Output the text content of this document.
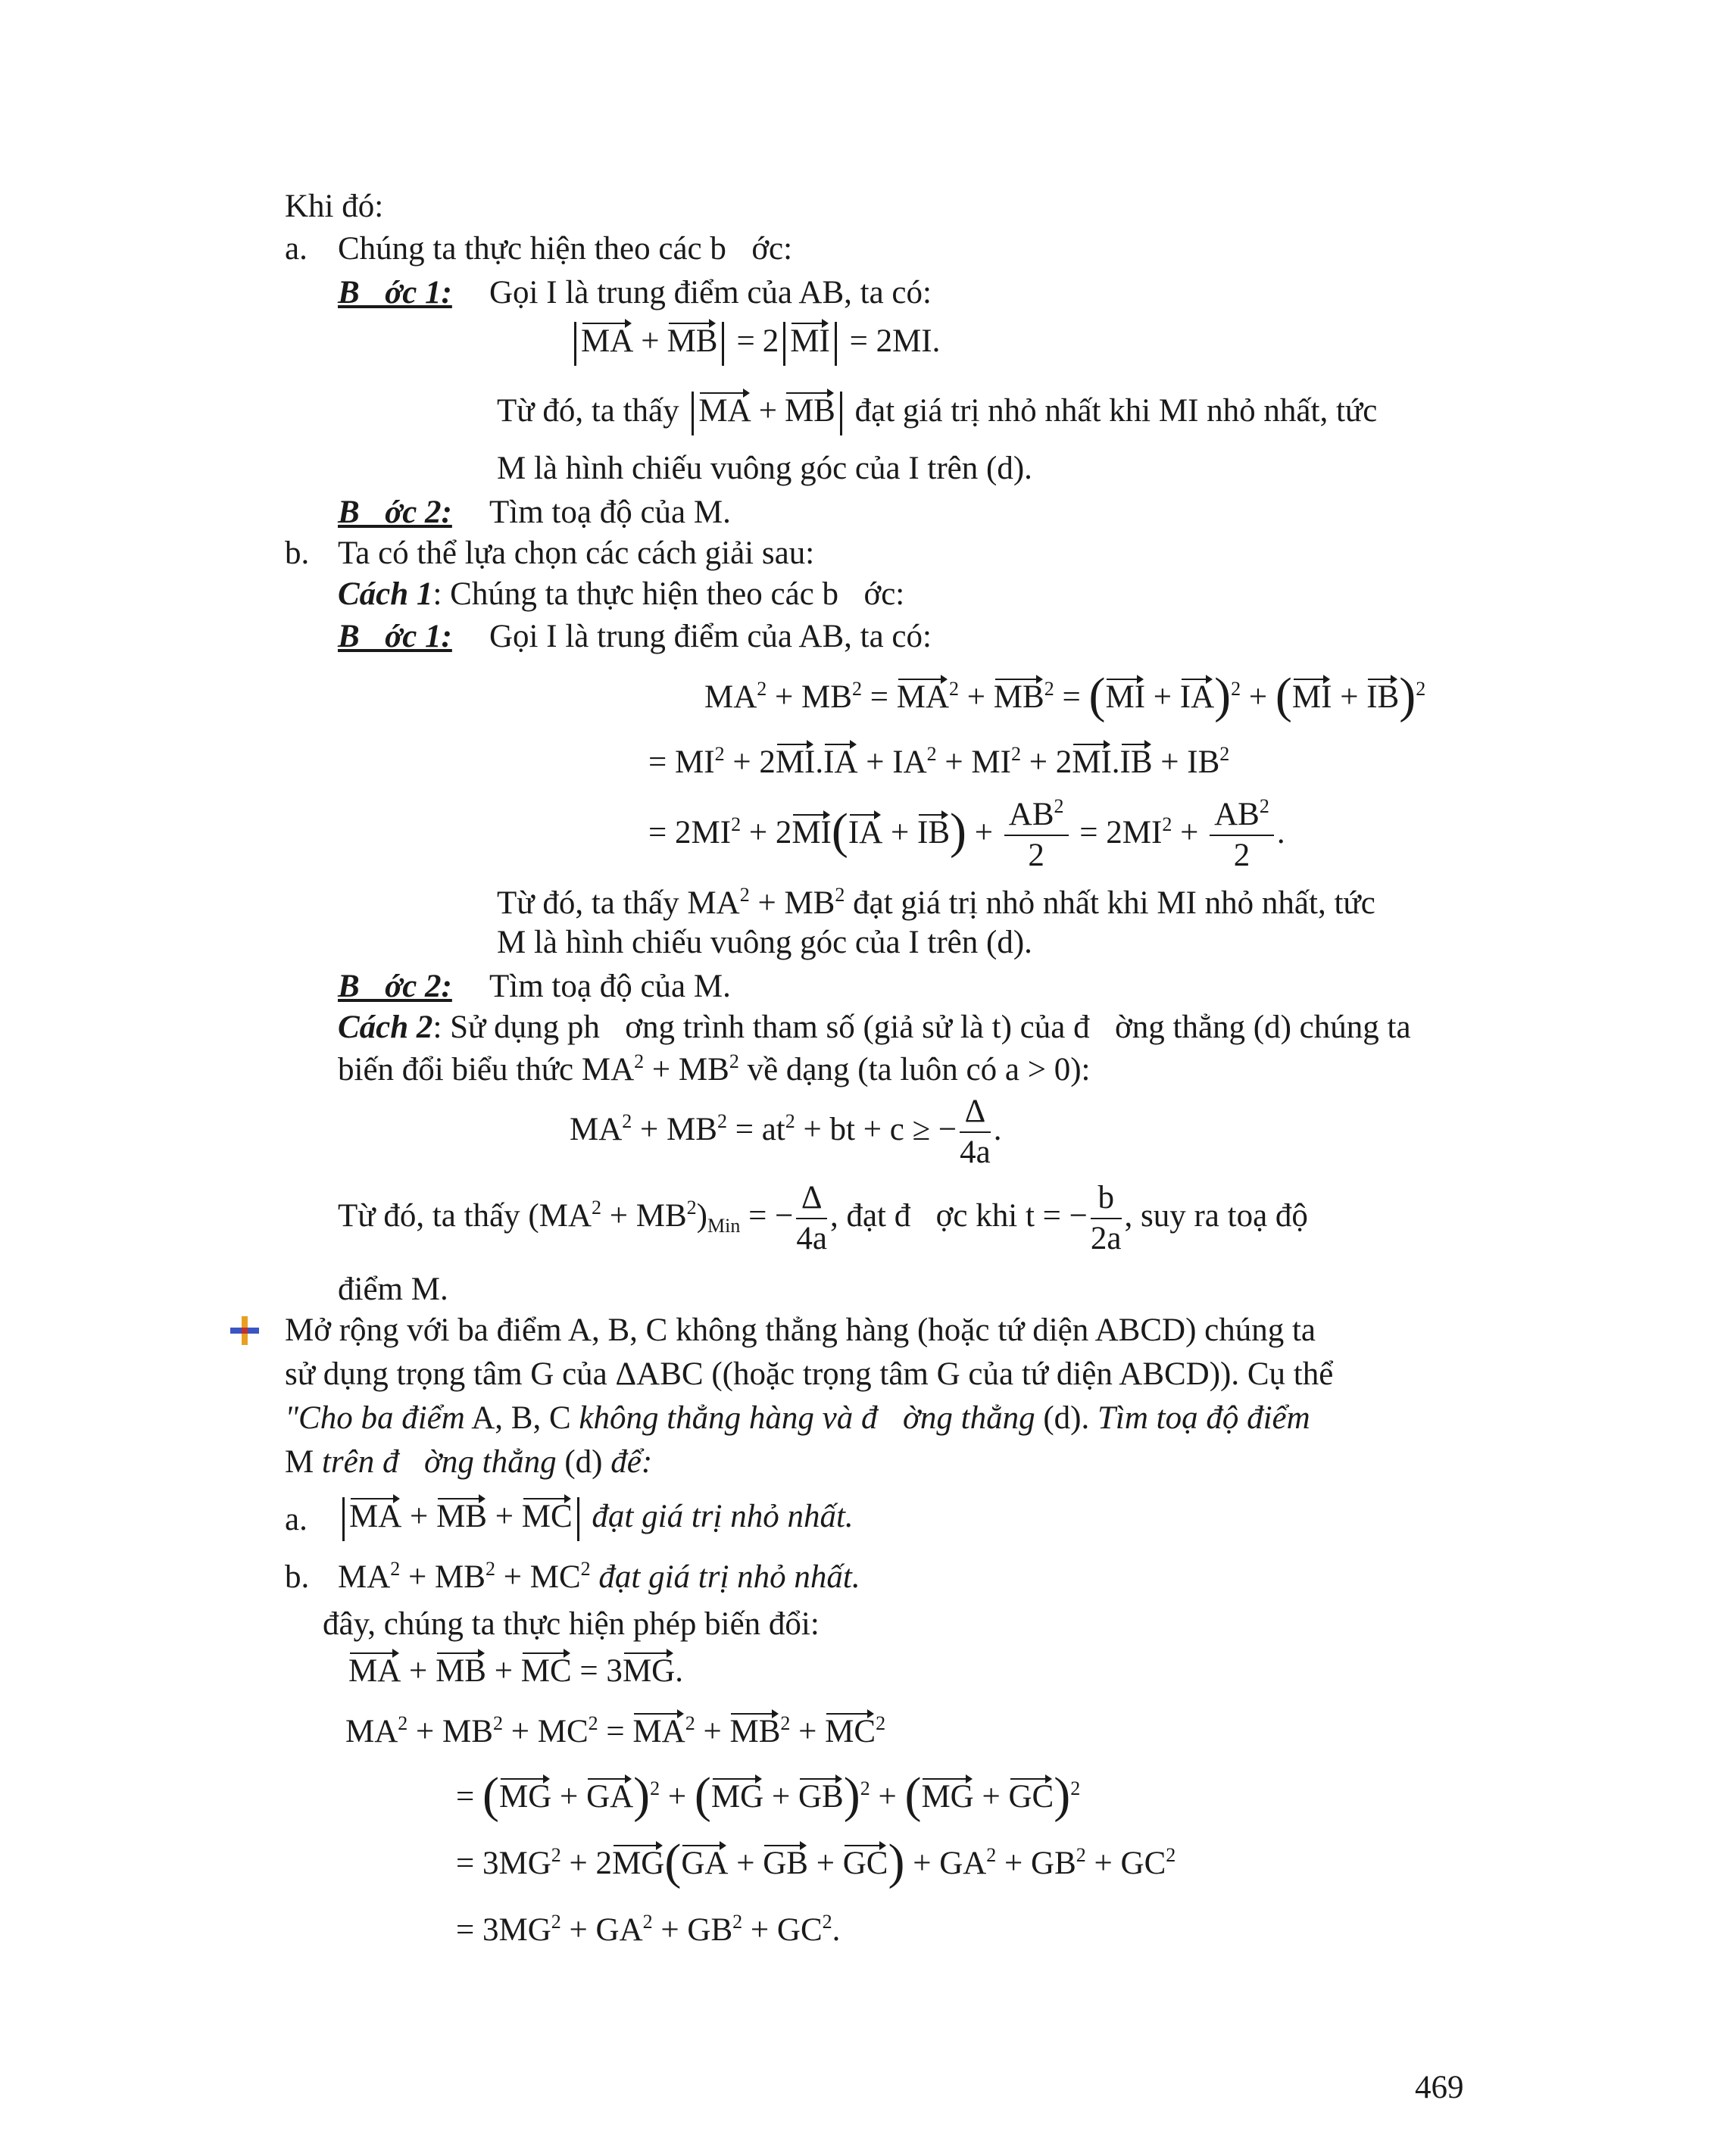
Khi đó:
a. Chúng ta thực hiện theo các b ớc:
B ớc 1: Gọi I là trung điểm của AB, ta có:
MA + MB = 2 MI = 2MI.
Từ đó, ta thấy MA + MB đạt giá trị nhỏ nhất khi MI nhỏ nhất, tức
M là hình chiếu vuông góc của I trên (d).
B ớc 2: Tìm toạ độ của M.
b. Ta có thể lựa chọn các cách giải sau:
Cách 1: Chúng ta thực hiện theo các b ớc:
B ớc 1: Gọi I là trung điểm của AB, ta có:
$MA^2 + MB^2 = MA^2 + MB^2 = (MI + IA)^2 + (MI + IB)^2$
= $MI^2 + 2MI.IA + IA^2 + MI^2 + 2MI.IB + IB^2$
= $2MI^2 + 2MI(IA + IB) + \frac{AB^2}{2} = 2MI^2 + \frac{AB^2}{2}$ .
Từ đó, ta thấy $MA^2 + MB^2$ đạt giá trị nhỏ nhất khi MI nhỏ nhất, tức
M là hình chiếu vuông góc của I trên (d).
B ớc 2: Tìm toạ độ của M.
Cách 2: Sử dụng ph ơng trình tham số (giả sử là t) của đ ờng thẳng (d) chúng ta
biến đổi biểu thức $MA^2 + MB^2$ về dạng (ta luôn có a > 0):
$MA^2 + MB^2 = at^2$ + bt + c ≥ − $\frac{\Delta}{4a}$ .
Từ đó, ta thấy $(MA^2 + MB^2)_{Min}$ = − $\frac{\Delta}{4a}$ , đạt đ ợc khi t = − $\frac{b}{2a}$ , suy ra toạ độ
điểm M.
Mở rộng với ba điểm A, B, C không thẳng hàng (hoặc tứ diện ABCD) chúng ta
sử dụng trọng tâm G của ΔABC ((hoặc trọng tâm G của tứ diện ABCD)). Cụ thể
"Cho ba điểm A, B, C không thẳng hàng và đ ờng thẳng (d). Tìm toạ độ điểm
M trên đ ờng thẳng (d) để:
a.	MA + MB + MC đạt giá trị nhỏ nhất.
b. $MA^2 + MB^2 + MC^2$ đạt giá trị nhỏ nhất.
đây, chúng ta thực hiện phép biến đổi:
MA + MB + MC = 3MG.
$MA^2 + MB^2 + MC^2 = MA^2 + MB^2 + MC^2$
= (MG + GA)$^2$ + (MG + GB)$^2$ + (MG + GC)$^2$
= $3MG^2 + 2MG(GA$ + GB + $GC) + GA^2 + GB^2 + GC^2$
= $3MG^2 + GA^2 + GB^2 + GC^2$.
469
